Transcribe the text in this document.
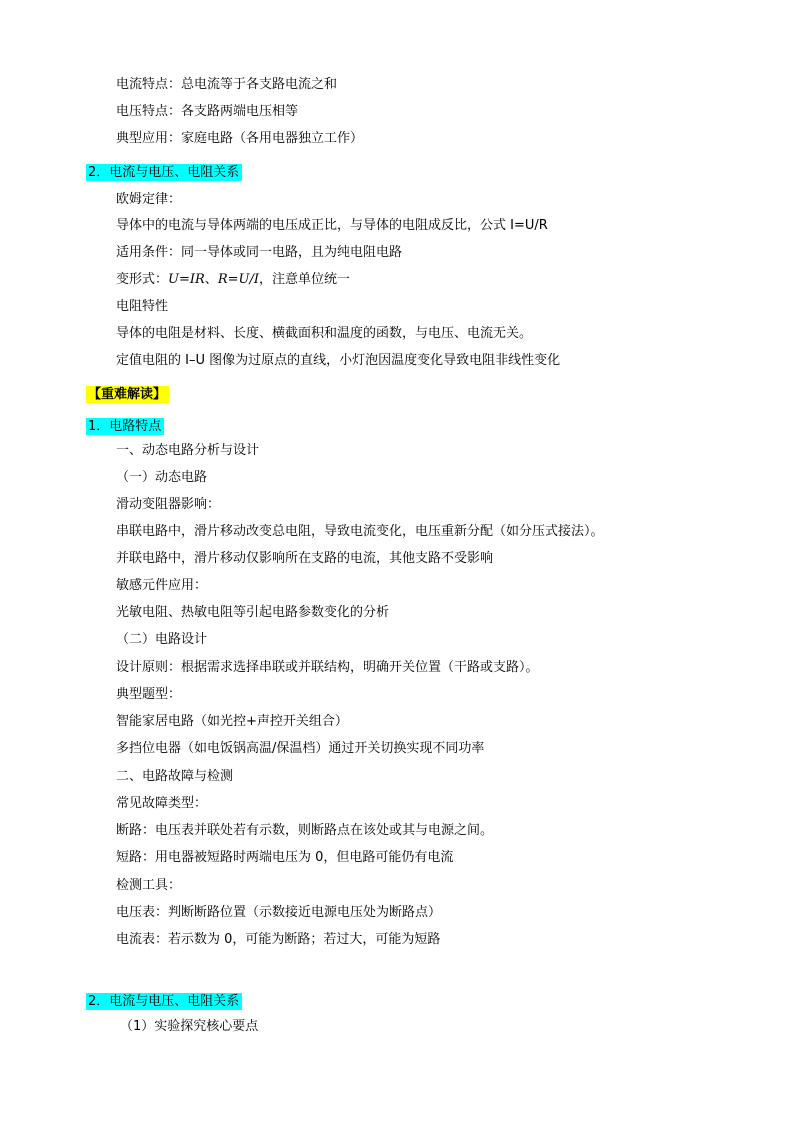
电流特点：总电流等于各支路电流之和
电压特点：各支路两端电压相等
典型应用：家庭电路（各用电器独立工作）
2．电流与电压、电阻关系
欧姆定律：
导体中的电流与导体两端的电压成正比，与导体的电阻成反比，公式 I=U/R
适用条件：同一导体或同一电路，且为纯电阻电路
变形式：U=IR、R=U/I，注意单位统一
电阻特性
导体的电阻是材料、长度、横截面积和温度的函数，与电压、电流无关。
定值电阻的 I–U 图像为过原点的直线，小灯泡因温度变化导致电阻非线性变化
【重难解读】
1．电路特点
一、动态电路分析与设计
（一）动态电路
滑动变阻器影响：
串联电路中，滑片移动改变总电阻，导致电流变化，电压重新分配（如分压式接法）。
并联电路中，滑片移动仅影响所在支路的电流，其他支路不受影响
敏感元件应用：
光敏电阻、热敏电阻等引起电路参数变化的分析
（二）电路设计
设计原则：根据需求选择串联或并联结构，明确开关位置（干路或支路）。
典型题型：
智能家居电路（如光控+声控开关组合）
多挡位电器（如电饭锅高温/保温档）通过开关切换实现不同功率
二、电路故障与检测
常见故障类型：
断路：电压表并联处若有示数，则断路点在该处或其与电源之间。
短路：用电器被短路时两端电压为 0，但电路可能仍有电流
检测工具：
电压表：判断断路位置（示数接近电源电压处为断路点）
电流表：若示数为 0，可能为断路；若过大，可能为短路
2．电流与电压、电阻关系
（1）实验探究核心要点
